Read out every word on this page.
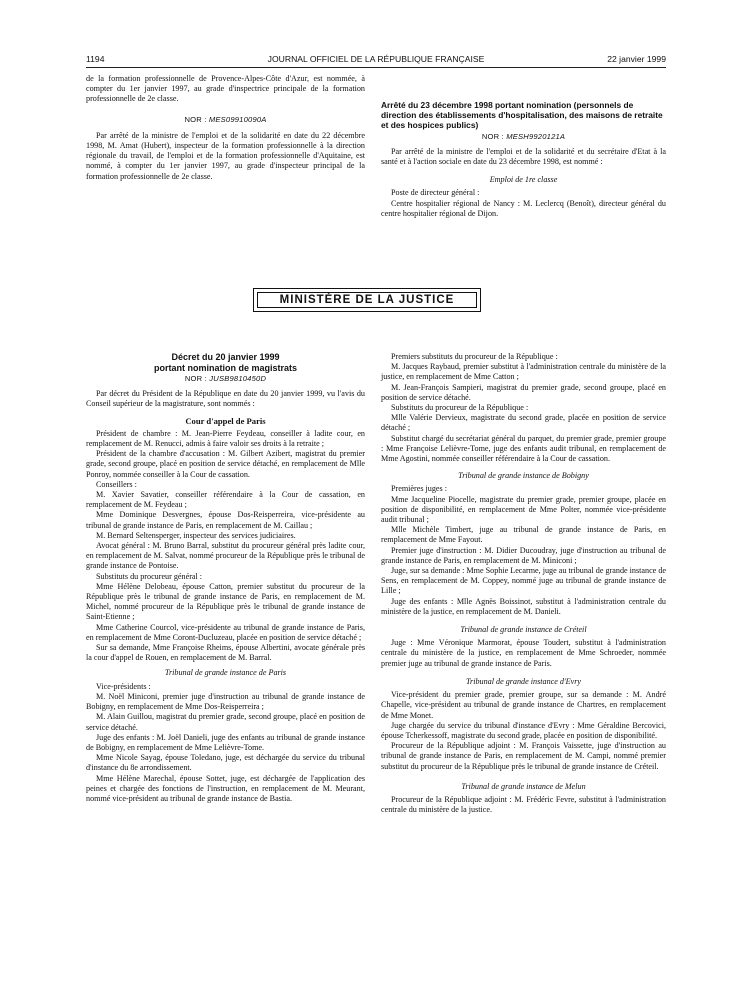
1194	JOURNAL OFFICIEL DE LA RÉPUBLIQUE FRANÇAISE	22 janvier 1999

de la formation professionnelle de Provence-Alpes-Côte d'Azur, est nommée, à compter du 1er janvier 1997, au grade d'inspectrice principale de la formation professionnelle de 2e classe.

NOR : MES09910090A

Par arrêté de la ministre de l'emploi et de la solidarité en date du 22 décembre 1998, M. Amat (Hubert), inspecteur de la formation professionnelle à la direction régionale du travail, de l'emploi et de la formation professionnelle d'Aquitaine, est nommé, à compter du 1er janvier 1997, au grade d'inspecteur principal de la formation professionnelle de 2e classe.

Arrêté du 23 décembre 1998 portant nomination (personnels de direction des établissements d'hospitalisation, des maisons de retraite et des hospices publics)
NOR : MESH9920121A

Par arrêté de la ministre de l'emploi et de la solidarité et du secrétaire d'Etat à la santé et à l'action sociale en date du 23 décembre 1998, est nommé :

Emploi de 1re classe

Poste de directeur général :

Centre hospitalier régional de Nancy : M. Leclercq (Benoît), directeur général du centre hospitalier régional de Dijon.

MINISTÈRE DE LA JUSTICE
Décret du 20 janvier 1999
portant nomination de magistrats
NOR : JUSB9810450D

Par décret du Président de la République en date du 20 janvier 1999, vu l'avis du Conseil supérieur de la magistrature, sont nommés :

Cour d'appel de Paris

Président de chambre : M. Jean-Pierre Feydeau, conseiller à ladite cour, en remplacement de M. Renucci, admis à faire valoir ses droits à la retraite ;

Président de la chambre d'accusation : M. Gilbert Azibert, magistrat du premier grade, second groupe, placé en position de service détaché, en remplacement de Mlle Ponroy, nommée conseiller à la Cour de cassation.

Conseillers :

M. Xavier Savatier, conseiller référendaire à la Cour de cassation, en remplacement de M. Feydeau ;

Mme Dominique Desvergnes, épouse Dos-Reisperreira, vice-présidente au tribunal de grande instance de Paris, en remplacement de M. Caillau ;

M. Bernard Seltensperger, inspecteur des services judiciaires.

Avocat général : M. Bruno Barral, substitut du procureur général près ladite cour, en remplacement de M. Salvat, nommé procureur de la République près le tribunal de grande instance de Pontoise.

Substituts du procureur général :

Mme Hélène Delobeau, épouse Catton, premier substitut du procureur de la République près le tribunal de grande instance de Paris, en remplacement de M. Michel, nommé procureur de la République près le tribunal de grande instance de Saint-Etienne ;

Mme Catherine Courcol, vice-présidente au tribunal de grande instance de Paris, en remplacement de Mme Coront-Ducluzeau, placée en position de service détaché ;

Sur sa demande, Mme Françoise Rheims, épouse Albertini, avocate générale près la cour d'appel de Rouen, en remplacement de M. Barral.

Tribunal de grande instance de Paris

Vice-présidents :

M. Noël Miniconi, premier juge d'instruction au tribunal de grande instance de Bobigny, en remplacement de Mme Dos-Reisperreira ;

M. Alain Guillou, magistrat du premier grade, second groupe, placé en position de service détaché.

Juge des enfants : M. Joël Danieli, juge des enfants au tribunal de grande instance de Bobigny, en remplacement de Mme Lelièvre-Tome.

Mme Nicole Sayag, épouse Toledano, juge, est déchargée du service du tribunal d'instance du 8e arrondissement.

Mme Hélène Marechal, épouse Sottet, juge, est déchargée de l'application des peines et chargée des fonctions de l'instruction, en remplacement de M. Meurant, nommé vice-président au tribunal de grande instance de Bastia.

Premiers substituts du procureur de la République :

M. Jacques Raybaud, premier substitut à l'administration centrale du ministère de la justice, en remplacement de Mme Catton ;

M. Jean-François Sampieri, magistrat du premier grade, second groupe, placé en position de service détaché.

Substituts du procureur de la République :

Mlle Valérie Dervieux, magistrate du second grade, placée en position de service détaché ;

Substitut chargé du secrétariat général du parquet, du premier grade, premier groupe : Mme Françoise Lelièvre-Tome, juge des enfants audit tribunal, en remplacement de Mme Agostini, nommée conseiller référendaire à la Cour de cassation.

Tribunal de grande instance de Bobigny

Premières juges :

Mme Jacqueline Piocelle, magistrate du premier grade, premier groupe, placée en position de disponibilité, en remplacement de Mme Polter, nommée vice-présidente audit tribunal ;

Mlle Michèle Timbert, juge au tribunal de grande instance de Paris, en remplacement de Mme Fayout.

Premier juge d'instruction : M. Didier Ducoudray, juge d'instruction au tribunal de grande instance de Paris, en remplacement de M. Miniconi ;

Juge, sur sa demande : Mme Sophie Lecarme, juge au tribunal de grande instance de Sens, en remplacement de M. Coppey, nommé juge au tribunal de grande instance de Lille ;

Juge des enfants : Mlle Agnès Boissinot, substitut à l'administration centrale du ministère de la justice, en remplacement de M. Danieli.

Tribunal de grande instance de Créteil

Juge : Mme Véronique Marmorat, épouse Toudert, substitut à l'administration centrale du ministère de la justice, en remplacement de Mme Schroeder, nommée premier juge au tribunal de grande instance de Paris.

Tribunal de grande instance d'Evry

Vice-président du premier grade, premier groupe, sur sa demande : M. André Chapelle, vice-président au tribunal de grande instance de Chartres, en remplacement de Mme Monet.

Juge chargée du service du tribunal d'instance d'Evry : Mme Géraldine Bercovici, épouse Tcherkessoff, magistrate du second grade, placée en position de disponibilité.

Procureur de la République adjoint : M. François Vaissette, juge d'instruction au tribunal de grande instance de Paris, en remplacement de M. Campi, nommé premier substitut du procureur de la République près le tribunal de grande instance de Créteil.

Tribunal de grande instance de Melun

Procureur de la République adjoint : M. Frédéric Fevre, substitut à l'administration centrale du ministère de la justice.
